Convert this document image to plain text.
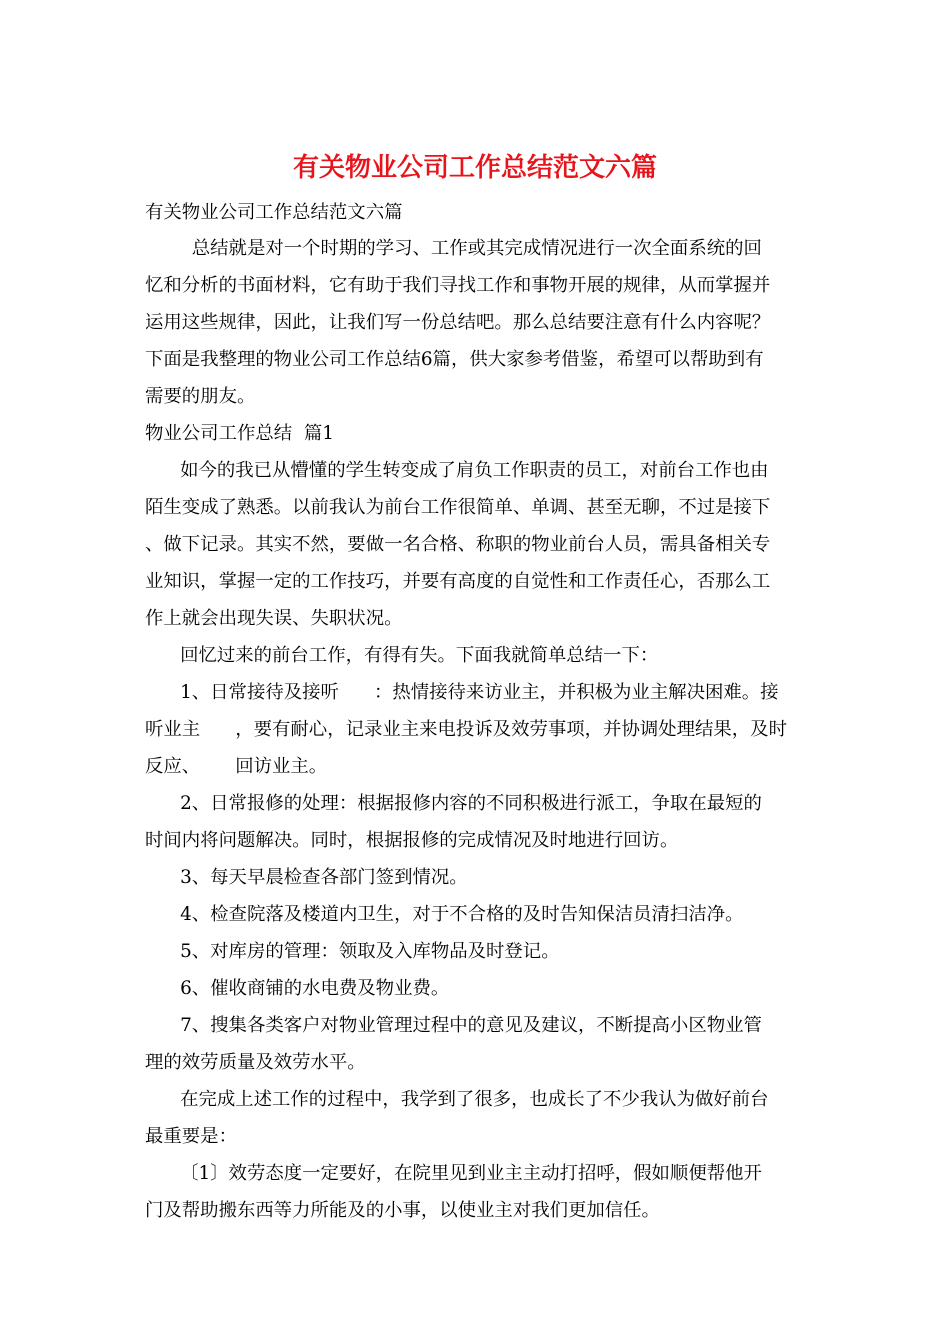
有关物业公司工作总结范文六篇

有关物业公司工作总结范文六篇

总结就是对一个时期的学习、工作或其完成情况进行一次全面系统的回

忆和分析的书面材料，它有助于我们寻找工作和事物开展的规律，从而掌握并

运用这些规律，因此，让我们写一份总结吧。那么总结要注意有什么内容呢？

下面是我整理的物业公司工作总结6篇，供大家参考借鉴，希望可以帮助到有

需要的朋友。

物业公司工作总结  篇1

如今的我已从懵懂的学生转变成了肩负工作职责的员工，对前台工作也由

陌生变成了熟悉。以前我认为前台工作很简单、单调、甚至无聊，不过是接下

、做下记录。其实不然，要做一名合格、称职的物业前台人员，需具备相关专

业知识，掌握一定的工作技巧，并要有高度的自觉性和工作责任心，否那么工

作上就会出现失误、失职状况。

回忆过来的前台工作，有得有失。下面我就简单总结一下：

1、日常接待及接听      ：热情接待来访业主，并积极为业主解决困难。接

听业主      ，要有耐心，记录业主来电投诉及效劳事项，并协调处理结果，及时

反应、      回访业主。

2、日常报修的处理：根据报修内容的不同积极进行派工，争取在最短的

时间内将问题解决。同时，根据报修的完成情况及时地进行回访。

3、每天早晨检查各部门签到情况。

4、检查院落及楼道内卫生，对于不合格的及时告知保洁员清扫洁净。

5、对库房的管理：领取及入库物品及时登记。

6、催收商铺的水电费及物业费。

7、搜集各类客户对物业管理过程中的意见及建议，不断提高小区物业管

理的效劳质量及效劳水平。

在完成上述工作的过程中，我学到了很多，也成长了不少我认为做好前台

最重要是：

〔1〕效劳态度一定要好，在院里见到业主主动打招呼，假如顺便帮他开

门及帮助搬东西等力所能及的小事，以使业主对我们更加信任。
